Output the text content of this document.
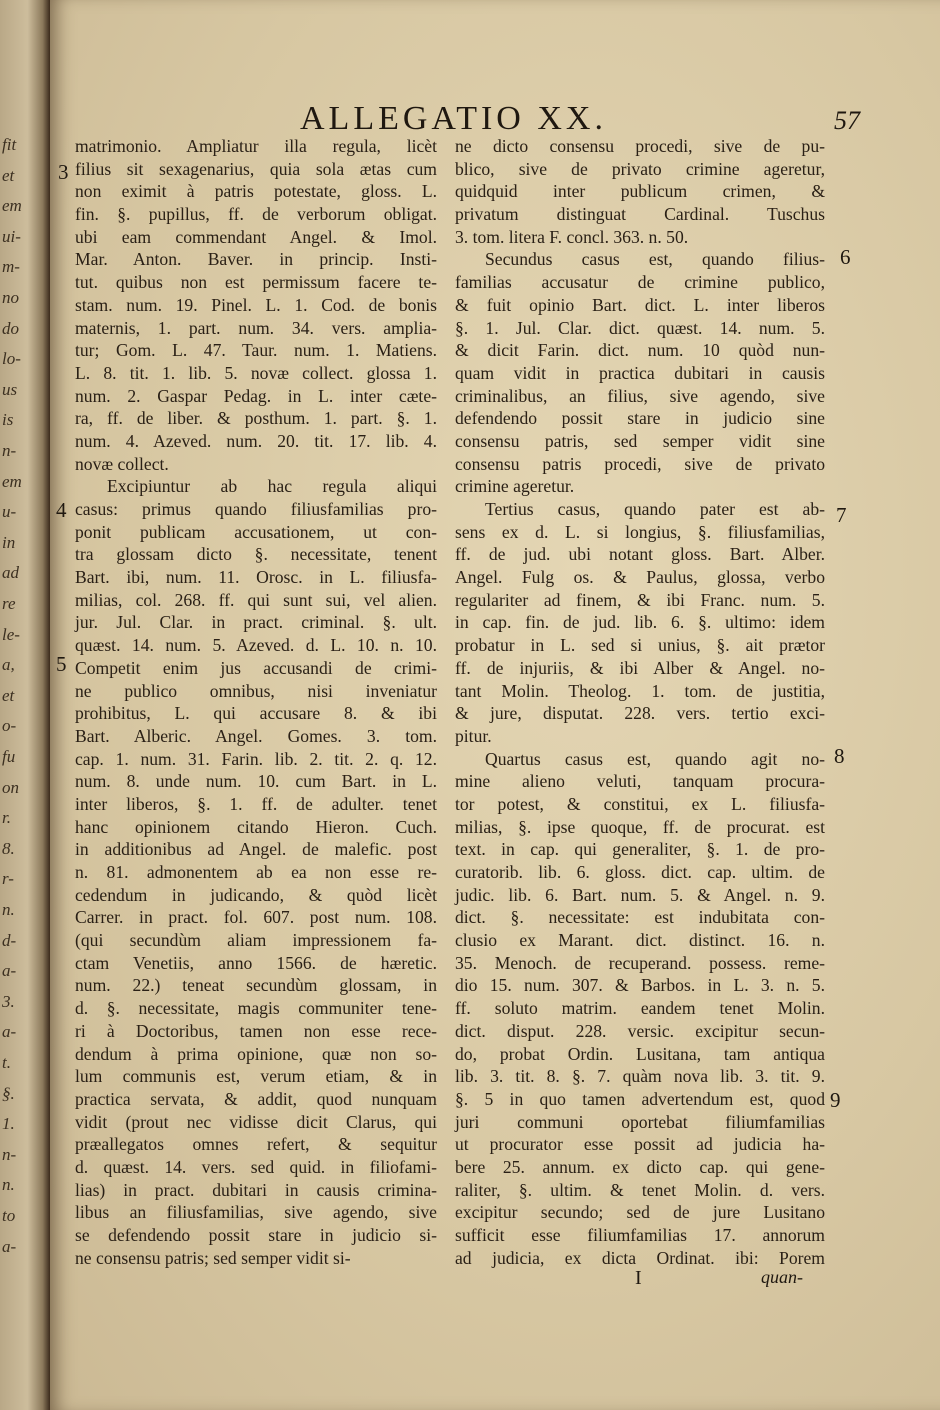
fit
et
em
ui-
m-
no
do
lo-
us
is
n-
em
u-
in
ad
re
le-
a,
et
o-
fu
on
r.
8.
r-
n.
d-
a-
3.
a-
t.
§.
1.
n-
n.
to
a-
ALLEGATIO XX.	57
matrimonio. Ampliatur illa regula, licèt
filius sit sexagenarius, quia sola ætas cum
non eximit à patris potestate, gloss. L.
fin. §. pupillus, ff. de verborum obligat.
ubi eam commendant Angel. & Imol.
Mar. Anton. Baver. in princip. Insti-
tut. quibus non est permissum facere te-
stam. num. 19. Pinel. L. 1. Cod. de bonis
maternis, 1. part. num. 34. vers. amplia-
tur; Gom. L. 47. Taur. num. 1. Matiens.
L. 8. tit. 1. lib. 5. novæ collect. glossa 1.
num. 2. Gaspar Pedag. in L. inter cæte-
ra, ff. de liber. & posthum. 1. part. §. 1.
num. 4. Azeved. num. 20. tit. 17. lib. 4.
novæ collect.
Excipiuntur ab hac regula aliqui
casus: primus quando filiusfamilias pro-
ponit publicam accusationem, ut con-
tra glossam dicto §. necessitate, tenent
Bart. ibi, num. 11. Orosc. in L. filiusfa-
milias, col. 268. ff. qui sunt sui, vel alien.
jur. Jul. Clar. in pract. criminal. §. ult.
quæst. 14. num. 5. Azeved. d. L. 10. n. 10.
Competit enim jus accusandi de crimi-
ne publico omnibus, nisi inveniatur
prohibitus, L. qui accusare 8. & ibi
Bart. Alberic. Angel. Gomes. 3. tom.
cap. 1. num. 31. Farin. lib. 2. tit. 2. q. 12.
num. 8. unde num. 10. cum Bart. in L.
inter liberos, §. 1. ff. de adulter. tenet
hanc opinionem citando Hieron. Cuch.
in additionibus ad Angel. de malefic. post
n. 81. admonentem ab ea non esse re-
cedendum in judicando, & quòd licèt
Carrer. in pract. fol. 607. post num. 108.
(qui secundùm aliam impressionem fa-
ctam Venetiis, anno 1566. de hæretic.
num. 22.) teneat secundùm glossam, in
d. §. necessitate, magis communiter tene-
ri à Doctoribus, tamen non esse rece-
dendum à prima opinione, quæ non so-
lum communis est, verum etiam, & in
practica servata, & addit, quod nunquam
vidit (prout nec vidisse dicit Clarus, qui
præallegatos omnes refert, & sequitur
d. quæst. 14. vers. sed quid. in filiofami-
lias) in pract. dubitari in causis crimina-
libus an filiusfamilias, sive agendo, sive
se defendendo possit stare in judicio si-
ne consensu patris; sed semper vidit si-
ne dicto consensu procedi, sive de pu-
blico, sive de privato crimine ageretur,
quidquid inter publicum crimen, &
privatum distinguat Cardinal. Tuschus
3. tom. litera F. concl. 363. n. 50.
Secundus casus est, quando filius-
familias accusatur de crimine publico,
& fuit opinio Bart. dict. L. inter liberos
§. 1. Jul. Clar. dict. quæst. 14. num. 5.
& dicit Farin. dict. num. 10 quòd nun-
quam vidit in practica dubitari in causis
criminalibus, an filius, sive agendo, sive
defendendo possit stare in judicio sine
consensu patris, sed semper vidit sine
consensu patris procedi, sive de privato
crimine ageretur.
Tertius casus, quando pater est ab-
sens ex d. L. si longius, §. filiusfamilias,
ff. de jud. ubi notant gloss. Bart. Alber.
Angel. Fulg os. & Paulus, glossa, verbo
regulariter ad finem, & ibi Franc. num. 5.
in cap. fin. de jud. lib. 6. §. ultimo: idem
probatur in L. sed si unius, §. ait prætor
ff. de injuriis, & ibi Alber & Angel. no-
tant Molin. Theolog. 1. tom. de justitia,
& jure, disputat. 228. vers. tertio exci-
pitur.
Quartus casus est, quando agit no-
mine alieno veluti, tanquam procura-
tor potest, & constitui, ex L. filiusfa-
milias, §. ipse quoque, ff. de procurat. est
text. in cap. qui generaliter, §. 1. de pro-
curatorib. lib. 6. gloss. dict. cap. ultim. de
judic. lib. 6. Bart. num. 5. & Angel. n. 9.
dict. §. necessitate: est indubitata con-
clusio ex Marant. dict. distinct. 16. n.
35. Menoch. de recuperand. possess. reme-
dio 15. num. 307. & Barbos. in L. 3. n. 5.
ff. soluto matrim. eandem tenet Molin.
dict. disput. 228. versic. excipitur secun-
do, probat Ordin. Lusitana, tam antiqua
lib. 3. tit. 8. §. 7. quàm nova lib. 3. tit. 9.
§. 5 in quo tamen advertendum est, quod
juri communi oportebat filiumfamilias
ut procurator esse possit ad judicia ha-
bere 25. annum. ex dicto cap. qui gene-
raliter, §. ultim. & tenet Molin. d. vers.
excipitur secundo; sed de jure Lusitano
sufficit esse filiumfamilias 17. annorum
ad judicia, ex dicta Ordinat. ibi: Porem
3
4
5
6
7
8
9
I	quan-
